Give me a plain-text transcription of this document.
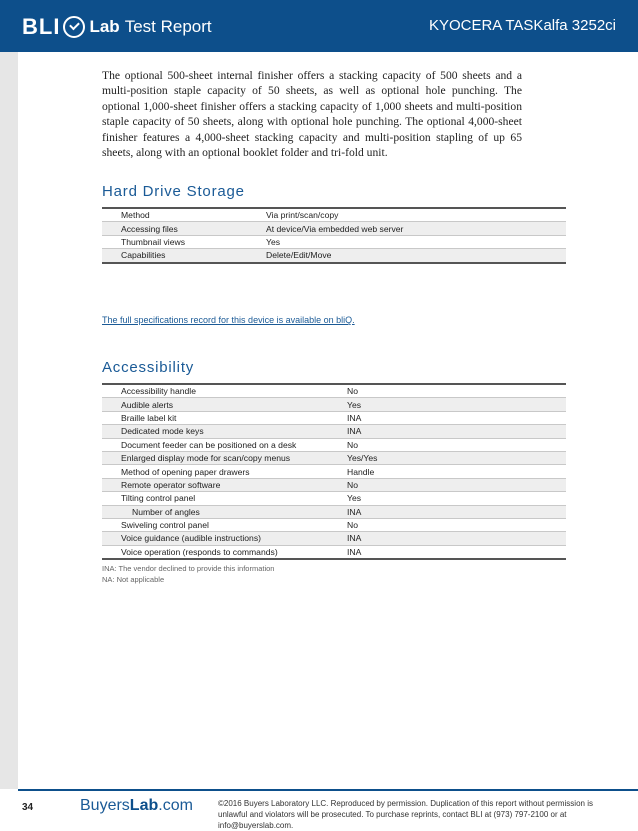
BLI Lab Test Report	KYOCERA TASKalfa 3252ci

The optional 500-sheet internal finisher offers a stacking capacity of 500 sheets and a multi-position staple capacity of 50 sheets, as well as optional hole punching. The optional 1,000-sheet finisher offers a stacking capacity of 1,000 sheets and multi-position staple capacity of 50 sheets, along with optional hole punching. The optional 4,000-sheet finisher features a 4,000-sheet stacking capacity and multi-position stapling of up 65 sheets, along with an optional booklet folder and tri-fold unit.

Hard Drive Storage
Method	Via print/scan/copy
Accessing files	At device/Via embedded web server
Thumbnail views	Yes
Capabilities	Delete/Edit/Move
The full specifications record for this device is available on bliQ.
Accessibility
Accessibility handle	No
Audible alerts	Yes
Braille label kit	INA
Dedicated mode keys	INA
Document feeder can be positioned on a desk	No
Enlarged display mode for scan/copy menus	Yes/Yes
Method of opening paper drawers	Handle
Remote operator software	No
Tilting control panel	Yes
Number of angles	INA
Swiveling control panel	No
Voice guidance (audible instructions)	INA
Voice operation (responds to commands)	INA
INA: The vendor declined to provide this information
NA: Not applicable
34	BuyersLab.com	©2016 Buyers Laboratory LLC. Reproduced by permission. Duplication of this report without permission is unlawful and violators will be prosecuted. To purchase reprints, contact BLI at (973) 797-2100 or at info@buyerslab.com.
